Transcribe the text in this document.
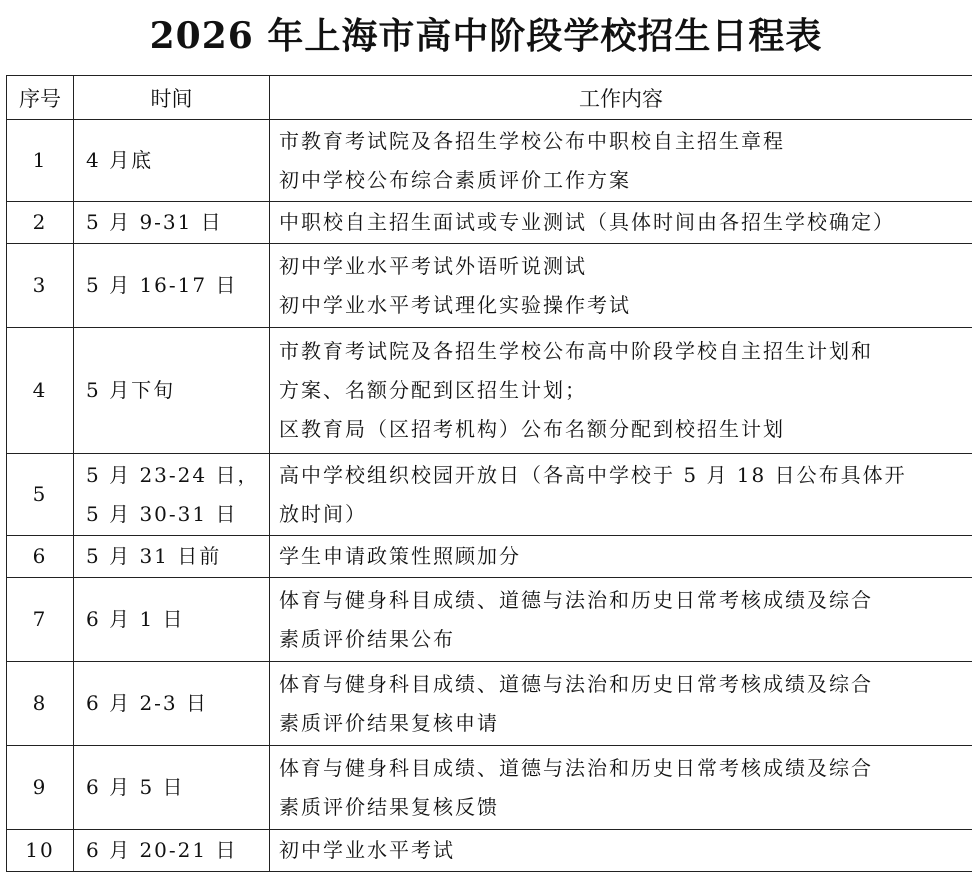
2026 年上海市高中阶段学校招生日程表
序号	时间	工作内容
1	4 月底	市教育考试院及各招生学校公布中职校自主招生章程
初中学校公布综合素质评价工作方案

2	5 月 9-31 日	中职校自主招生面试或专业测试（具体时间由各招生学校确定）

3	5 月 16-17 日	初中学业水平考试外语听说测试
初中学业水平考试理化实验操作考试

4	5 月下旬	市教育考试院及各招生学校公布高中阶段学校自主招生计划和
方案、名额分配到区招生计划；
区教育局（区招考机构）公布名额分配到校招生计划

5	5 月 23-24 日，
5 月 30-31 日	高中学校组织校园开放日（各高中学校于 5 月 18 日公布具体开
放时间）

6	5 月 31 日前	学生申请政策性照顾加分

7	6 月 1 日	体育与健身科目成绩、道德与法治和历史日常考核成绩及综合
素质评价结果公布

8	6 月 2-3 日	体育与健身科目成绩、道德与法治和历史日常考核成绩及综合
素质评价结果复核申请

9	6 月 5 日	体育与健身科目成绩、道德与法治和历史日常考核成绩及综合
素质评价结果复核反馈

10	6 月 20-21 日	初中学业水平考试
